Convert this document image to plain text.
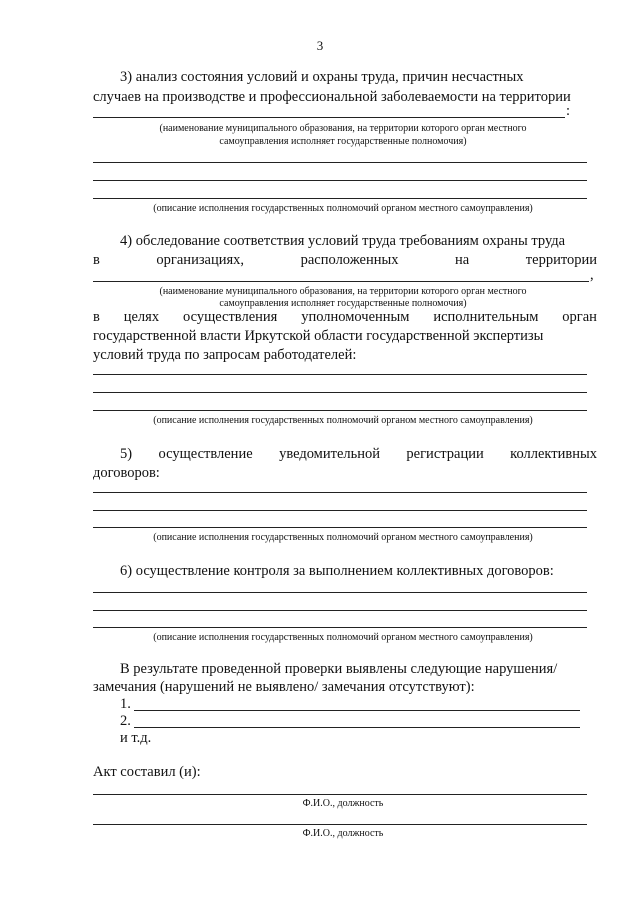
3
3) анализ состояния условий и охраны труда, причин несчастных
случаев на производстве и профессиональной заболеваемости на территории
:
(наименование муниципального образования, на территории которого орган местного
самоуправления исполняет государственные полномочия)
(описание исполнения государственных полномочий органом местного самоуправления)
4) обследование соответствия условий труда требованиям охраны труда
в	организациях,	расположенных	на	территории
,
(наименование муниципального образования, на территории которого орган местного
самоуправления исполняет государственные полномочия)
в целях осуществления уполномоченным исполнительным орган
государственной власти Иркутской области государственной экспертизы
условий труда по запросам работодателей:
(описание исполнения государственных полномочий органом местного самоуправления)
5) осуществление уведомительной регистрации коллективных
договоров:
(описание исполнения государственных полномочий органом местного самоуправления)
6) осуществление контроля за выполнением коллективных договоров:
(описание исполнения государственных полномочий органом местного самоуправления)
В результате проведенной проверки выявлены следующие нарушения/
замечания (нарушений не выявлено/ замечания отсутствуют):
1.
2.
и т.д.
Акт составил (и):
Ф.И.О., должность
Ф.И.О., должность
